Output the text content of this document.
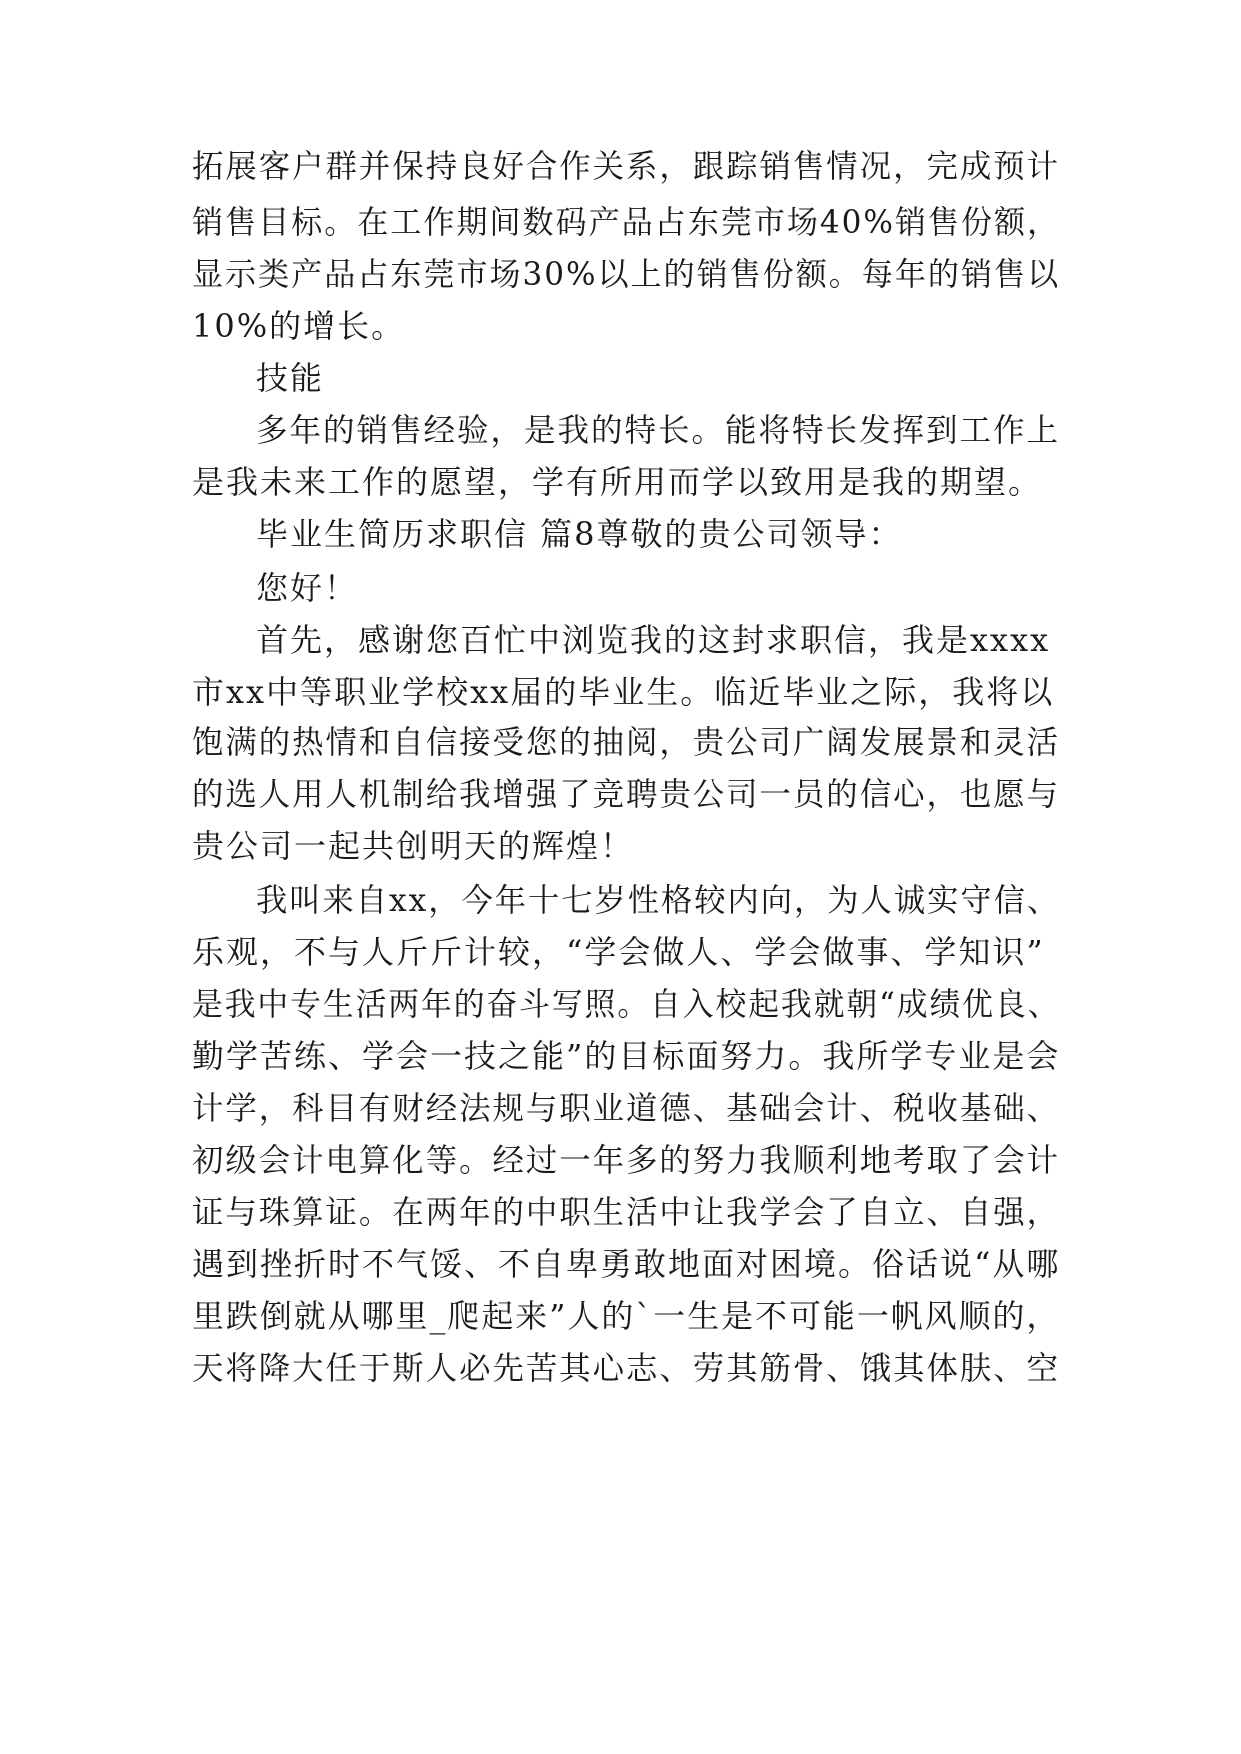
拓展客户群并保持良好合作关系，跟踪销售情况，完成预计
销售目标。在工作期间数码产品占东莞市场40%销售份额，
显示类产品占东莞市场30%以上的销售份额。每年的销售以
10%的增长。
技能
多年的销售经验，是我的特长。能将特长发挥到工作上
是我未来工作的愿望，学有所用而学以致用是我的期望。
毕业生简历求职信 篇8尊敬的贵公司领导：
您好！
首先，感谢您百忙中浏览我的这封求职信，我是xxxx
市xx中等职业学校xx届的毕业生。临近毕业之际，我将以
饱满的热情和自信接受您的抽阅，贵公司广阔发展景和灵活
的选人用人机制给我增强了竞聘贵公司一员的信心，也愿与
贵公司一起共创明天的辉煌！
我叫来自xx，今年十七岁性格较内向，为人诚实守信、
乐观，不与人斤斤计较，“学会做人、学会做事、学知识”
是我中专生活两年的奋斗写照。自入校起我就朝“成绩优良、
勤学苦练、学会一技之能”的目标面努力。我所学专业是会
计学，科目有财经法规与职业道德、基础会计、税收基础、
初级会计电算化等。经过一年多的努力我顺利地考取了会计
证与珠算证。在两年的中职生活中让我学会了自立、自强，
遇到挫折时不气馁、不自卑勇敢地面对困境。俗话说“从哪
里跌倒就从哪里_爬起来”人的`一生是不可能一帆风顺的，
天将降大任于斯人必先苦其心志、劳其筋骨、饿其体肤、空
